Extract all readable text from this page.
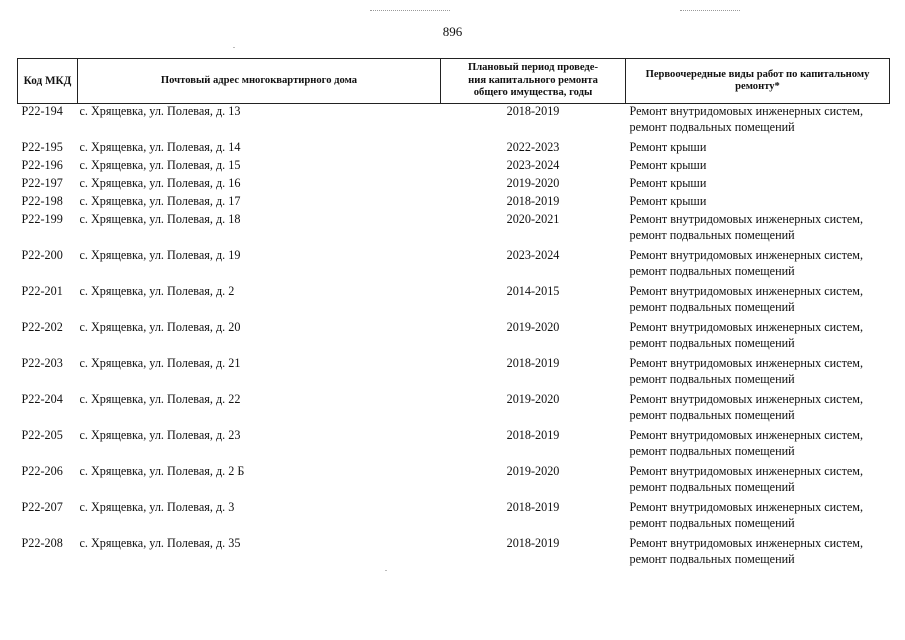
896
Код МКД	Почтовый адрес многоквартирного дома	Плановый период проведе-
ния капитального ремонта
общего имущества, годы	Первоочередные виды работ по капитальному
ремонту*

Р22-194	с. Хрящевка, ул. Полевая, д. 13	2018-2019	Ремонт внутридомовых инженерных систем,
ремонт подвальных помещений

Р22-195	с. Хрящевка, ул. Полевая, д. 14	2022-2023	Ремонт крыши

Р22-196	с. Хрящевка, ул. Полевая, д. 15	2023-2024	Ремонт крыши

Р22-197	с. Хрящевка, ул. Полевая, д. 16	2019-2020	Ремонт крыши

Р22-198	с. Хрящевка, ул. Полевая, д. 17	2018-2019	Ремонт крыши

Р22-199	с. Хрящевка, ул. Полевая, д. 18	2020-2021	Ремонт внутридомовых инженерных систем,
ремонт подвальных помещений

Р22-200	с. Хрящевка, ул. Полевая, д. 19	2023-2024	Ремонт внутридомовых инженерных систем,
ремонт подвальных помещений

Р22-201	с. Хрящевка, ул. Полевая, д. 2	2014-2015	Ремонт внутридомовых инженерных систем,
ремонт подвальных помещений

Р22-202	с. Хрящевка, ул. Полевая, д. 20	2019-2020	Ремонт внутридомовых инженерных систем,
ремонт подвальных помещений

Р22-203	с. Хрящевка, ул. Полевая, д. 21	2018-2019	Ремонт внутридомовых инженерных систем,
ремонт подвальных помещений

Р22-204	с. Хрящевка, ул. Полевая, д. 22	2019-2020	Ремонт внутридомовых инженерных систем,
ремонт подвальных помещений

Р22-205	с. Хрящевка, ул. Полевая, д. 23	2018-2019	Ремонт внутридомовых инженерных систем,
ремонт подвальных помещений

Р22-206	с. Хрящевка, ул. Полевая, д. 2 Б	2019-2020	Ремонт внутридомовых инженерных систем,
ремонт подвальных помещений

Р22-207	с. Хрящевка, ул. Полевая, д. 3	2018-2019	Ремонт внутридомовых инженерных систем,
ремонт подвальных помещений

Р22-208	с. Хрящевка, ул. Полевая, д. 35	2018-2019	Ремонт внутридомовых инженерных систем,
ремонт подвальных помещений
